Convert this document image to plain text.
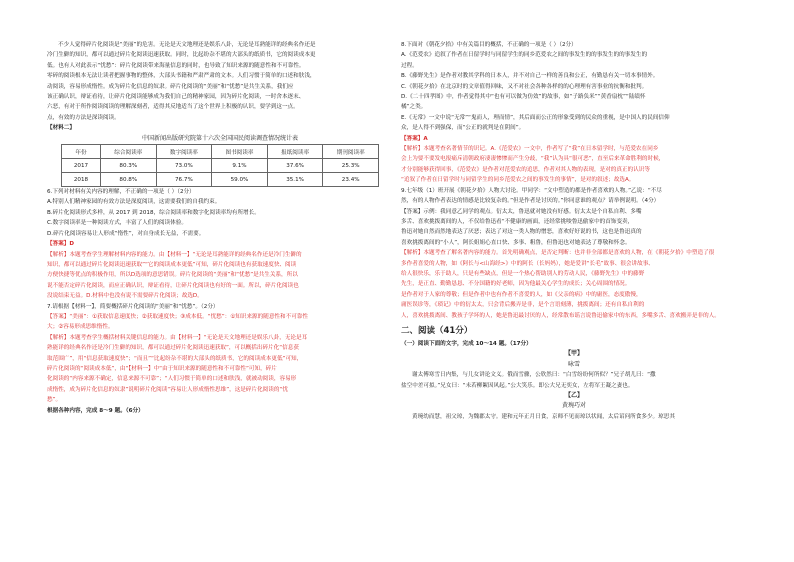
不少人觉得碎片化阅读是“美丽”的危害。无论是天文地理还是娱乐八卦，无论是耳熟能详的经典名作还是

冷门生僻的知识，都可以通过碎片化阅读迅速获取。同时，比起纷杂不堪的大部头的纸质书，它的阅读成本更

低。也有人对此表示“忧愁”：碎片化阅读带来海量信息的同时，也导致了知识来源的随意性和不可靠性。

零碎的阅读根本无法让读者把握事物的整体，大部头书籍和严肃严肃的文本。人们习惯于简单的口述和肤浅，

动阅读，容易形成惰性。成为碎片化信息的奴隶。碎片化阅读的“美丽”和“忧愁”是共生关系，我们应

该正确认识，辩证看待，让碎片化阅读能够成为我们自己的精神家园，因为碎片化阅读，一时舍本逐末、

六恶，有对于所作阅读阅读的理解深刻者，适得其反地适当了这个世界上积极的认识，要学到这一点。

点，有效的方法是深读阅读。

【材料二】

中国新闻出版研究院第十六次全国国民阅读调查情况统计表

年份	综合阅读率	数字阅读率	图书阅读率	报纸阅读率	期刊阅读率
2017	80.3%	73.0%	9.1%	37.6%	25.3%
2018	80.8%	76.7%	59.0%	35.1%	23.4%

6.下列对材料有关内容的理解，不正确的一项是（ ）（2分）

A.特别人们精神家园的有效方法是深度阅读，这需要我们的自我约束。

B.碎片化阅读形式多样，从 2017 到 2018，综合阅读率和数字化阅读率均有所增长。

C.数字阅读率是一种阅读方式，丰富了人们的阅读体验。

D.碎片化阅读容易让人形成“惰性”，对自身成长无益，不需要。

【答案】D

【解析】本题考查学生理解材料内容的能力。由【材料一】“无论是耳熟能详的经典名作还是冷门生僻的

知识，都可以通过碎片化阅读迅速获取”“它的阅读成本更低”可知，碎片化阅读也有获取速度快、阅读

方便快捷等优点的积极作用，所以D选项的意思错误。碎片化阅读的“美丽”和“忧愁”是共生关系，所以

说不能否定碎片化阅读，而应正确认识，辩证看待，让碎片化阅读也有好的一面。所以，碎片化阅读也

没说结束无益。D.材料中也没有说不需要碎片化阅读；故选D。

7.请根据【材料一】，简要概括碎片化阅读的“美丽”和“忧愁”。（2分）

【答案】“美丽”：①获取信息速度快；②获取速度快；③成本低。“忧愁”：①知识来源的随意性和不可靠性

大；②容易形成思维惰性。

【解析】本题考查学生概括材料关键信息的能力。由【材料一】“无论是天文地理还是娱乐八卦，无论是耳

熟能详的经典名作还是冷门生僻的知识，都可以通过碎片化阅读迅速获取”，可以概括出碎片化“信息获

取范围广”，用“信息获取速度快”；“而且”“比起纷杂不堪的大部头的纸质书，它的阅读成本更低”可知，

碎片化阅读的“阅读成本低”，由“【材料一】中“由于知识来源的随意性和不可靠性”可知，碎片

化阅读的“内容来源不确定，信息来源不可靠”；“人们习惯于简单的口述和肤浅，就被动阅读，容易形

成惰性，成为碎片化信息的奴隶”说明碎片化阅读“容易让人形成惰性思维”，这是碎片化阅读的“忧

愁”。

根据各种内容，完成 8～9 题。（6分）

8.下面对《朝花夕拾》中有关篇目的概括，不正确的一项是（ ）（2分）

A.《范爱农》追叙了作者在日留学时与同留学生的同乡范爱农之间的事发生的的事发生的的事发生的

过程。

B.《藤野先生》是作者对教其学科的日本人，并不对自己一样的善良和公正，有勤恳有关一切本事情外。

C.《朝花夕拾》在北京时的文章值得回味，又不对社会各种各样的的心理理有害事业的抗衡和批判。

D.《二十四孝图》中，作者觉得其中“也有可以做为仿效”的故事，如“子路负米”“黄香扇枕”“陆绩怀

橘”之类。

E.《无常》一文中说“无常”“鬼而人，理而情”，其后面而公正的形象受到的民众的重视，是中国人的民间信仰

众，是人得不到强保，而“公正的就判是在阴间”。

【答案】A

【解析】本题考查名著情节的识记。A.《范爱农》一文中，作者写了“我”在日本留学时，与范爱农在同乡

会上为要不要发电报痛斥清朝政府凄凄惨惨而产生分歧，“我”认为具“很可恶”，直至后来革命胜利的时候，

才分别能够获得回事，《范爱农》是作者对范爱农的追思，作者对其人物的表现，是对的真正的认识等

“追叙了作者在日留学时与同留学生的同乡范爱农之间的事发生的事情”，是对的叙述；故选A。

9.七年级（1）班开展《朝花夕拾》人物大讨论。甲同学：“文中塑造的都是作者喜欢的人物。”乙说：“不尽

然，有的人物作者表达的情感是比较复杂的。”但是作者是讨厌的。”你同意谁的观点？请举例说明。（4分）

【答案】示例：我同意乙同学的观点。衍太太，鲁迅就对她没有好感。衍太太是个自私自利、多嘴

多舌、喜欢挑拨离间的人，不仅给鲁迅看“不健康的画面，还经常挑唆鲁迅偷家中的首饰变卖，

鲁迅对她自然而然地表达了厌恶；表达了对这一类人物的憎恶，喜欢好好说的书，这也是鲁迅真的

喜欢挑拨离间的“小人”，阿长姐姐心直口快、多事、粗鲁，但鲁迅也对她表达了尊敬和怀念。

【解析】本题考查了解名著内容的能力。首先明确观点，是否定判断：也并非全部都是喜欢的人物，在《朝花夕拾》中塑造了很

多作者喜爱的人物，如《阿长与<山海经>》中的阿长（长妈妈），她是爱讲“长毛”故事、很会讲故事、

给人很快乐，乐于助人，只是有些缺点，但是一个热心帮助别人的劳动人民，《藤野先生》中的藤野

先生，是正直、勤勤恳恳、不分国籍的好老师，因为他最关心学生的成长；关心周围的情况。

是作者对于人家的尊敬；但是作者中也有作者不喜爱的人，如《父亲的病》中的庸医，态度傲慢，

庸医误诊等，《琐记》中的衍太太，只会背后搬弄是非，是个言语刻薄，挑拨离间；还有自私自利的

人，喜欢挑拨离间、教孩子学坏的人，她是鲁迅最讨厌的人，经常散布谣言说鲁迅偷家中的东西，多嘴多舌、喜欢搬弄是非的人。

二、阅读（41分）

（一）阅读下面的文字，完成 10～14 题。（17分）

【甲】

咏雪

谢太傅寒雪日内集，与儿女讲论文义。俄而雪骤，公欣然曰：“白雪纷纷何所似？”兄子胡儿曰：“撒

盐空中差可拟。”兄女曰：“未若柳絮因风起。”公大笑乐。即公大兄无奕女，左将军王凝之妻也。

【乙】

黄琬巧对

黄琬幼而慧，祖父琼，为魏郡太守。建和元年正月日食，京师不见而琼以状闻，太后诏问所食多少。琼思其
